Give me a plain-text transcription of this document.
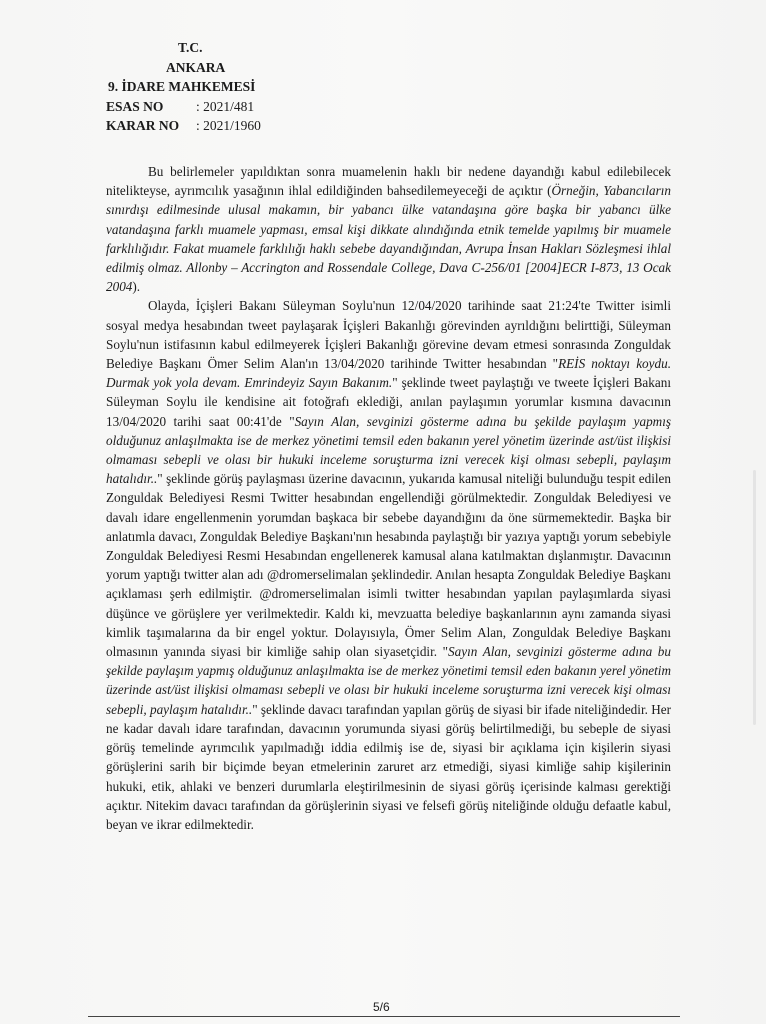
T.C.
ANKARA
9. İDARE MAHKEMESİ
ESAS NO	: 2021/481
KARAR NO	: 2021/1960

Bu belirlemeler yapıldıktan sonra muamelenin haklı bir nedene dayandığı kabul edilebilecek nitelikteyse, ayrımcılık yasağının ihlal edildiğinden bahsedilemeyeceği de açıktır (Örneğin, Yabancıların sınırdışı edilmesinde ulusal makamın, bir yabancı ülke vatandaşına göre başka bir yabancı ülke vatandaşına farklı muamele yapması, emsal kişi dikkate alındığında etnik temelde yapılmış bir muamele farklılığıdır. Fakat muamele farklılığı haklı sebebe dayandığından, Avrupa İnsan Hakları Sözleşmesi ihlal edilmiş olmaz. Allonby – Accrington and Rossendale College, Dava C-256/01 [2004]ECR I-873, 13 Ocak 2004).

Olayda, İçişleri Bakanı Süleyman Soylu'nun 12/04/2020 tarihinde saat 21:24'te Twitter isimli sosyal medya hesabından tweet paylaşarak İçişleri Bakanlığı görevinden ayrıldığını belirttiği, Süleyman Soylu'nun istifasının kabul edilmeyerek İçişleri Bakanlığı görevine devam etmesi sonrasında Zonguldak Belediye Başkanı Ömer Selim Alan'ın 13/04/2020 tarihinde Twitter hesabından "REİS noktayı koydu. Durmak yok yola devam. Emrindeyiz Sayın Bakanım." şeklinde tweet paylaştığı ve tweete İçişleri Bakanı Süleyman Soylu ile kendisine ait fotoğrafı eklediği, anılan paylaşımın yorumlar kısmına davacının 13/04/2020 tarihi saat 00:41'de "Sayın Alan, sevginizi gösterme adına bu şekilde paylaşım yapmış olduğunuz anlaşılmakta ise de merkez yönetimi temsil eden bakanın yerel yönetim üzerinde ast/üst ilişkisi olmaması sebepli ve olası bir hukuki inceleme soruşturma izni verecek kişi olması sebepli, paylaşım hatalıdır.." şeklinde görüş paylaşması üzerine davacının, yukarıda kamusal niteliği bulunduğu tespit edilen Zonguldak Belediyesi Resmi Twitter hesabından engellendiği görülmektedir. Zonguldak Belediyesi ve davalı idare engellenmenin yorumdan başkaca bir sebebe dayandığını da öne sürmemektedir. Başka bir anlatımla davacı, Zonguldak Belediye Başkanı'nın hesabında paylaştığı bir yazıya yaptığı yorum sebebiyle Zonguldak Belediyesi Resmi Hesabından engellenerek kamusal alana katılmaktan dışlanmıştır. Davacının yorum yaptığı twitter alan adı @dromerselimalan şeklindedir. Anılan hesapta Zonguldak Belediye Başkanı açıklaması şerh edilmiştir. @dromerselimalan isimli twitter hesabından yapılan paylaşımlarda siyasi düşünce ve görüşlere yer verilmektedir. Kaldı ki, mevzuatta belediye başkanlarının aynı zamanda siyasi kimlik taşımalarına da bir engel yoktur. Dolayısıyla, Ömer Selim Alan, Zonguldak Belediye Başkanı olmasının yanında siyasi bir kimliğe sahip olan siyasetçidir. "Sayın Alan, sevginizi gösterme adına bu şekilde paylaşım yapmış olduğunuz anlaşılmakta ise de merkez yönetimi temsil eden bakanın yerel yönetim üzerinde ast/üst ilişkisi olmaması sebepli ve olası bir hukuki inceleme soruşturma izni verecek kişi olması sebepli, paylaşım hatalıdır.." şeklinde davacı tarafından yapılan görüş de siyasi bir ifade niteliğindedir. Her ne kadar davalı idare tarafından, davacının yorumunda siyasi görüş belirtilmediği, bu sebeple de siyasi görüş temelinde ayrımcılık yapılmadığı iddia edilmiş ise de, siyasi bir açıklama için kişilerin siyasi görüşlerini sarih bir biçimde beyan etmelerinin zaruret arz etmediği, siyasi kimliğe sahip kişilerinin hukuki, etik, ahlaki ve benzeri durumlarla eleştirilmesinin de siyasi görüş içerisinde kalması gerektiği açıktır. Nitekim davacı tarafından da görüşlerinin siyasi ve felsefi görüş niteliğinde olduğu defaatle kabul, beyan ve ikrar edilmektedir.

5/6
